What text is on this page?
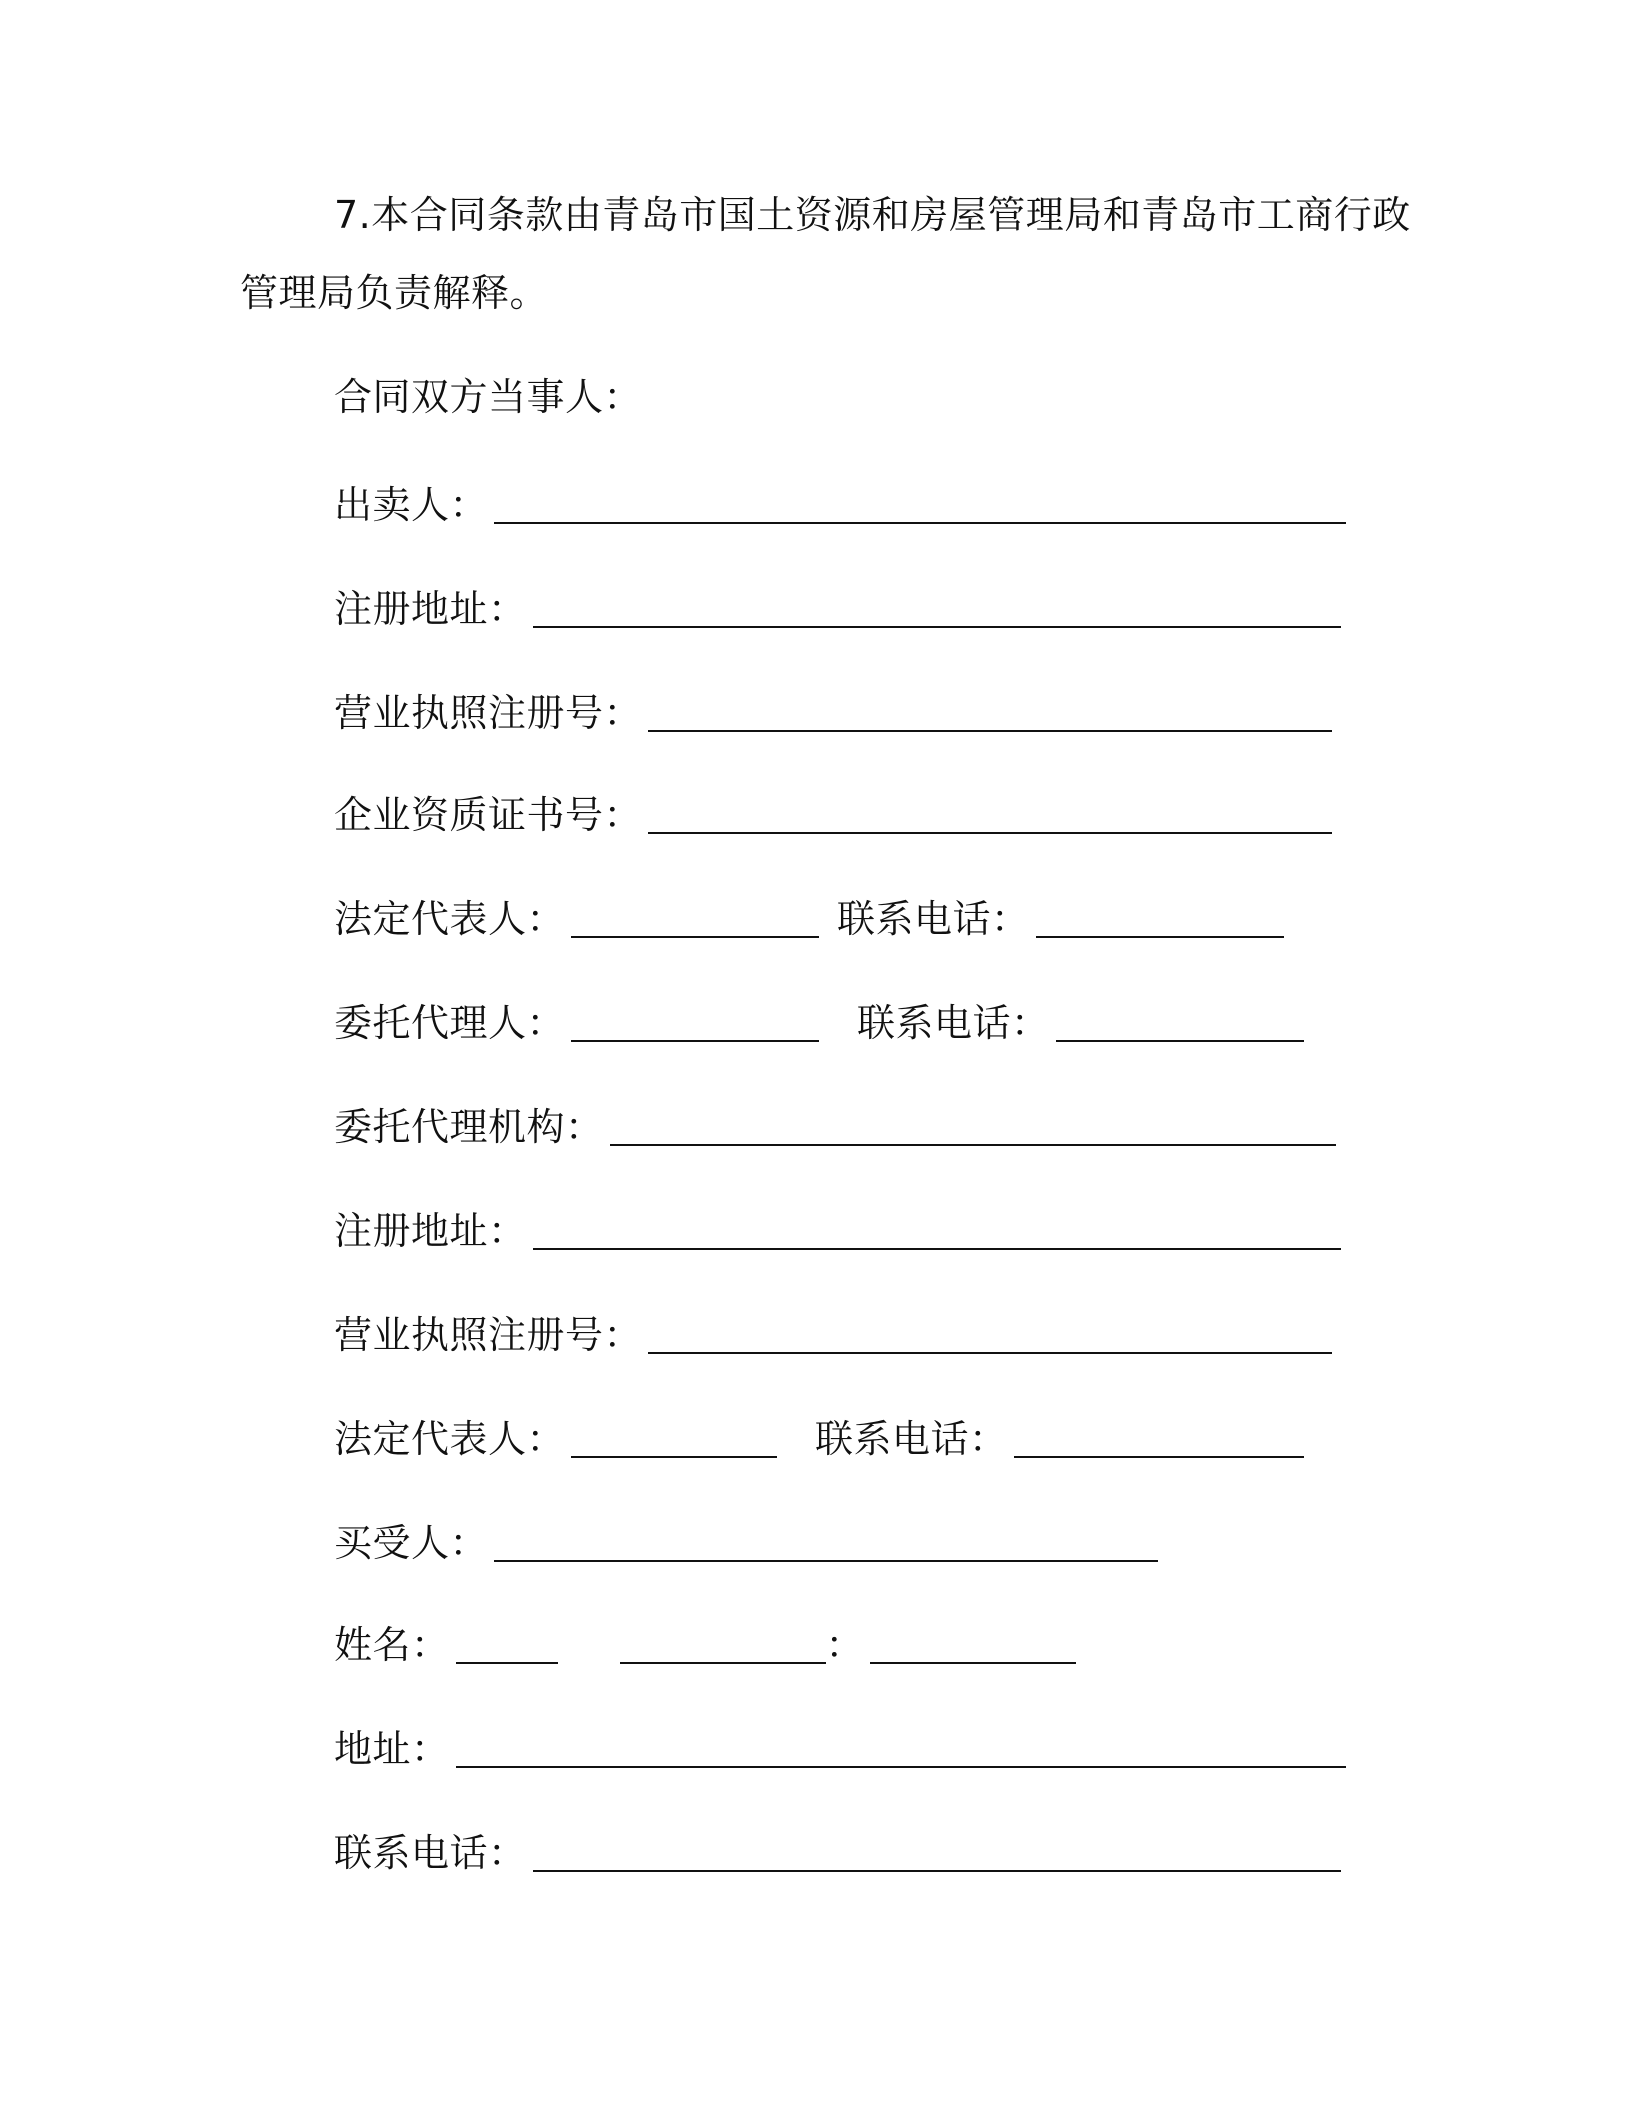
7.本合同条款由青岛市国土资源和房屋管理局和青岛市工商行政
管理局负责解释。
合同双方当事人：
出卖人：
注册地址：
营业执照注册号：
企业资质证书号：
法定代表人：	联系电话：
委托代理人：	联系电话：
委托代理机构：
注册地址：
营业执照注册号：
法定代表人：	联系电话：
买受人：
姓名：	：
地址：
联系电话：
